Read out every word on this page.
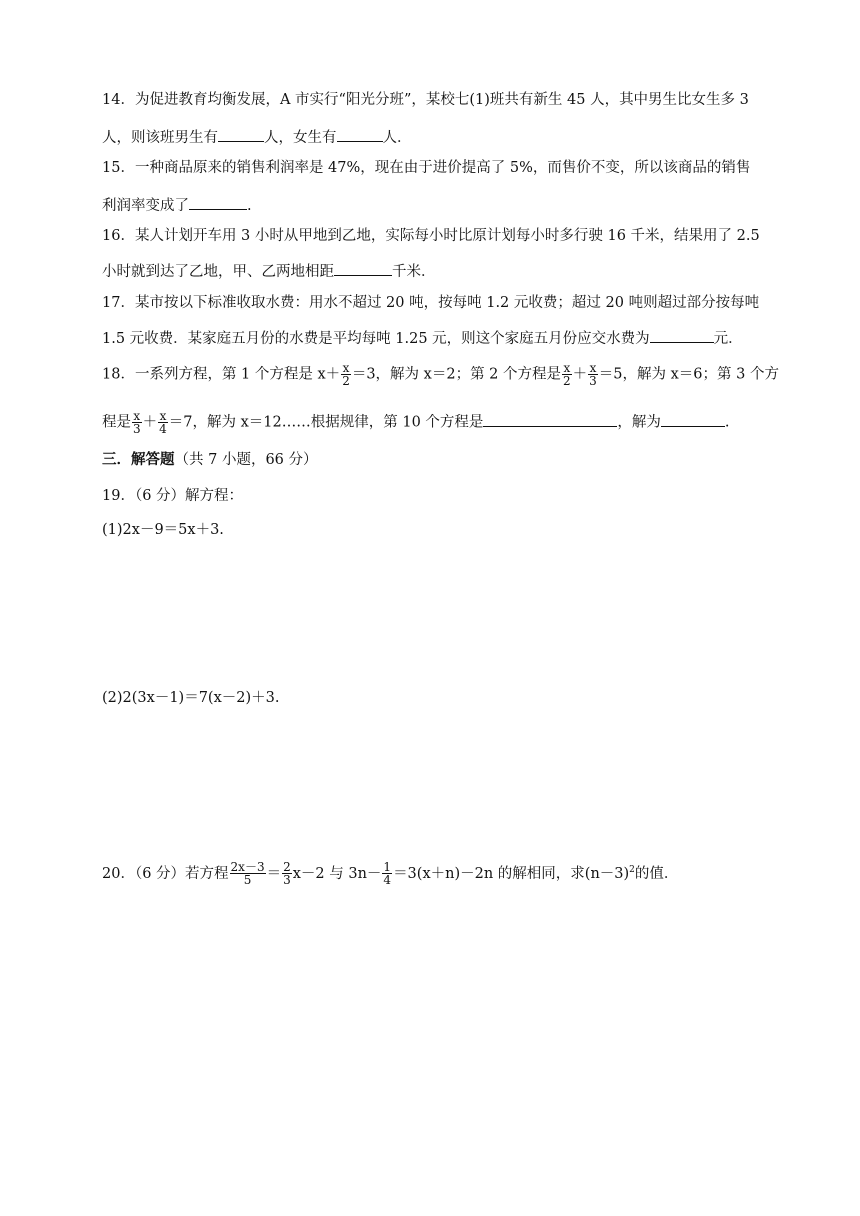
14．为促进教育均衡发展，A 市实行“阳光分班”，某校七(1)班共有新生 45 人，其中男生比女生多 3
人，则该班男生有	人，女生有	人．
15．一种商品原来的销售利润率是 47%，现在由于进价提高了 5%，而售价不变，所以该商品的销售
利润率变成了	.
16．某人计划开车用 3 小时从甲地到乙地，实际每小时比原计划每小时多行驶 16 千米，结果用了 2.5
小时就到达了乙地，甲、乙两地相距	千米．
17．某市按以下标准收取水费：用水不超过 20 吨，按每吨 1.2 元收费；超过 20 吨则超过部分按每吨
1.5 元收费．某家庭五月份的水费是平均每吨 1.25 元，则这个家庭五月份应交水费为	元．
18．一系列方程，第 1 个方程是 $x+ \frac{x}{2} =3$，解为 x＝2；第 2 个方程是 $\frac{x}{2} + \frac{x}{3} =5$，解为 x＝6；第 3 个方
程是 $\frac{x}{3} + \frac{x}{4} =7$，解为 x＝12……根据规律，第 10 个方程是	，解为	.
三．解答题（共 7 小题，66 分）
19．（6 分）解方程：
(1)2x－9＝5x＋3.
(2)2(3x－1)＝7(x－2)＋3.
20．（6 分）若方程 $\frac{2x-3}{5} = \frac{2}{3} x-2$ 与 $3n- \frac{1}{4} =3(x+n)-2n$ 的解相同，求$(n-3)^2$的值．
